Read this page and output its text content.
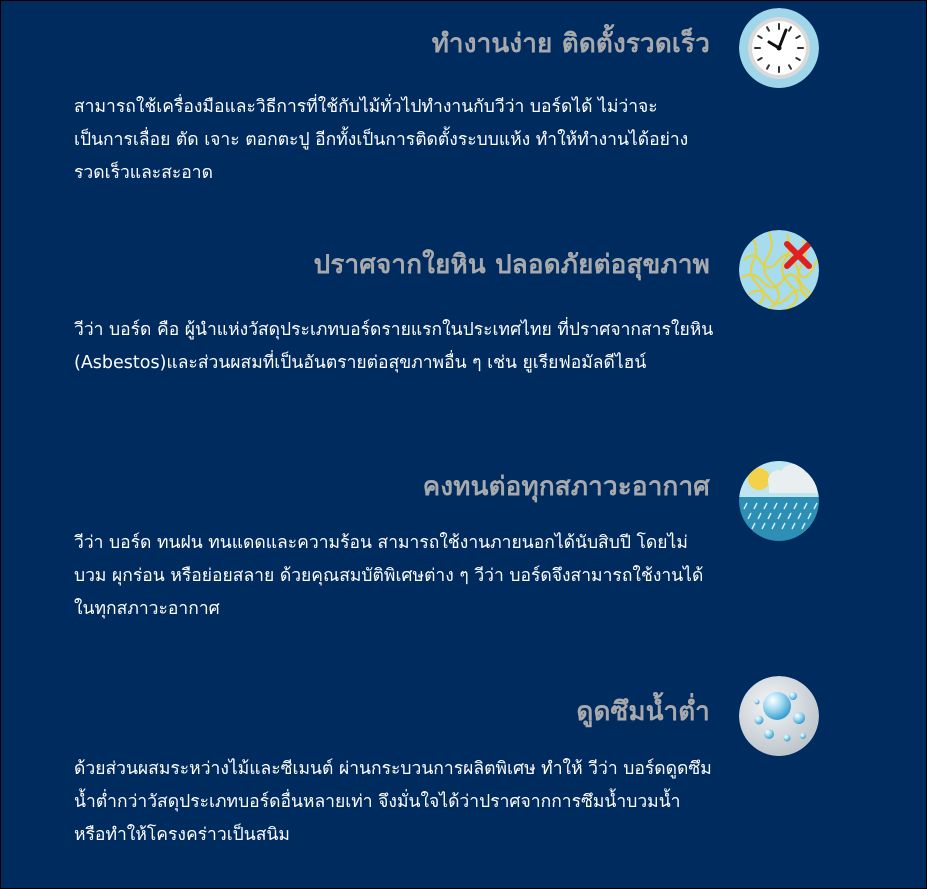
ทำงานง่าย ติดตั้งรวดเร็ว

สามารถใช้เครื่องมือและวิธีการที่ใช้กับไม้ทั่วไปทำงานกับวีว่า บอร์ดได้ ไม่ว่าจะเป็นการเลื่อย ตัด เจาะ ตอกตะปู อีกทั้งเป็นการติดตั้งระบบแห้ง ทำให้ทำงานได้อย่างรวดเร็วและสะอาด

ปราศจากใยหิน ปลอดภัยต่อสุขภาพ

วีว่า บอร์ด คือ ผู้นำแห่งวัสดุประเภทบอร์ดรายแรกในประเทศไทย ที่ปราศจากสารใยหิน (Asbestos)และส่วนผสมที่เป็นอันตรายต่อสุขภาพอื่น ๆ เช่น ยูเรียฟอมัลดีไฮน์

คงทนต่อทุกสภาวะอากาศ

วีว่า บอร์ด ทนฝน ทนแดดและความร้อน สามารถใช้งานภายนอกได้นับสิบปี โดยไม่บวม ผุกร่อน หรือย่อยสลาย ด้วยคุณสมบัติพิเศษต่าง ๆ วีว่า บอร์ดจึงสามารถใช้งานได้ในทุกสภาวะอากาศ

ดูดซึมน้ำต่ำ

ด้วยส่วนผสมระหว่างไม้และซีเมนต์ ผ่านกระบวนการผลิตพิเศษ ทำให้ วีว่า บอร์ดดูดซึมน้ำต่ำกว่าวัสดุประเภทบอร์ดอื่นหลายเท่า จึงมั่นใจได้ว่าปราศจากการซึมน้ำบวมน้ำ หรือทำให้โครงคร่าวเป็นสนิม
